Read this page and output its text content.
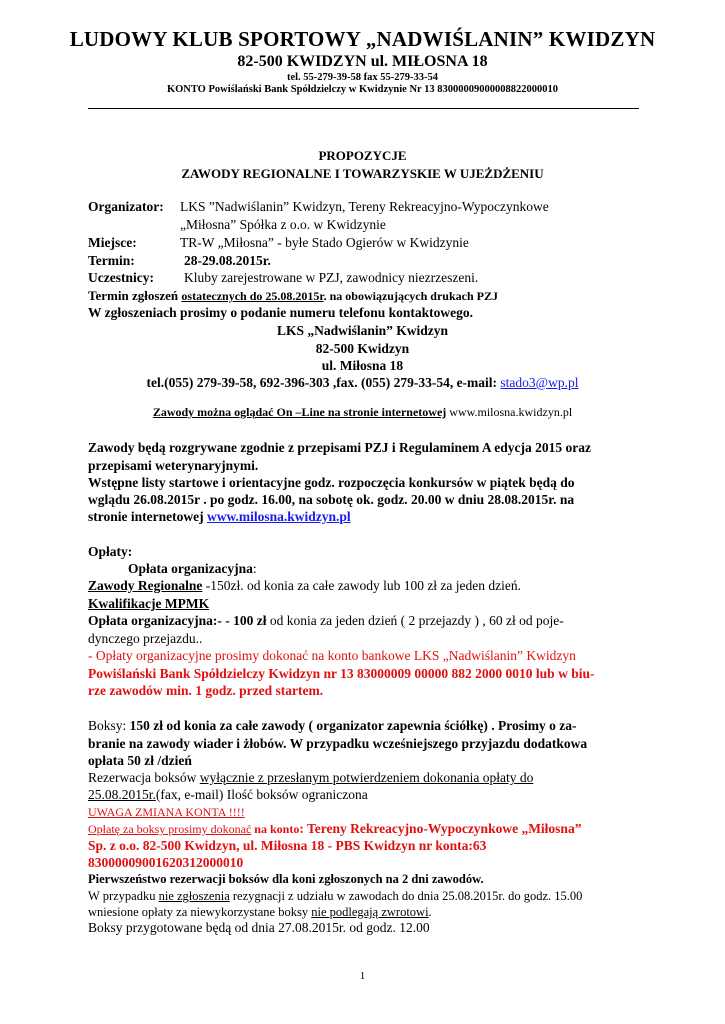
LUDOWY KLUB SPORTOWY „NADWIŚLANIN” KWIDZYN
82-500 KWIDZYN ul. MIŁOSNA 18
tel. 55-279-39-58 fax 55-279-33-54
KONTO Powiślański Bank Spółdzielczy w Kwidzynie Nr 13 83000009000008822000010
PROPOZYCJE
ZAWODY REGIONALNE I TOWARZYSKIE W UJEŻDŻENIU
Organizator: LKS ”Nadwiślanin” Kwidzyn, Tereny Rekreacyjno-Wypoczynkowe
„Miłosna” Spółka z o.o. w Kwidzynie
Miejsce:	TR-W „Miłosna” - byłe Stado Ogierów w Kwidzynie
Termin:	28-29.08.2015r.
Uczestnicy: Kluby zarejestrowane w PZJ, zawodnicy niezrzeszeni.
Termin zgłoszeń ostatecznych do 25.08.2015r. na obowiązujących drukach PZJ
W zgłoszeniach prosimy o podanie numeru telefonu kontaktowego.
LKS „Nadwiślanin” Kwidzyn
82-500 Kwidzyn
ul. Miłosna 18
tel.(055) 279-39-58, 692-396-303 ,fax. (055) 279-33-54, e-mail: stado3@wp.pl
Zawody można oglądać On –Line na stronie internetowej www.milosna.kwidzyn.pl
Zawody będą rozgrywane zgodnie z przepisami PZJ i Regulaminem A edycja 2015 oraz
przepisami weterynaryjnymi.
Wstępne listy startowe i orientacyjne godz. rozpoczęcia konkursów w piątek będą do
wglądu 26.08.2015r . po godz. 16.00, na sobotę ok. godz. 20.00 w dniu 28.08.2015r. na
stronie internetowej www.milosna.kwidzyn.pl
Opłaty:
Opłata organizacyjna:
Zawody Regionalne -150zł. od konia za całe zawody lub 100 zł za jeden dzień.
Kwalifikacje MPMK
Opłata organizacyjna:- - 100 zł od konia za jeden dzień ( 2 przejazdy ) , 60 zł od poje-
dynczego przejazdu..
- Opłaty organizacyjne prosimy dokonać na konto bankowe LKS „Nadwiślanin” Kwidzyn
Powiślański Bank Spółdzielczy Kwidzyn nr 13 83000009 00000 882 2000 0010 lub w biu-
rze zawodów min. 1 godz. przed startem.
Boksy: 150 zł od konia za całe zawody ( organizator zapewnia ściółkę) . Prosimy o za-
branie na zawody wiader i żłobów. W przypadku wcześniejszego przyjazdu dodatkowa
opłata 50 zł /dzień
Rezerwacja boksów wyłącznie z przesłanym potwierdzeniem dokonania opłaty do
25.08.2015r.(fax, e-mail) Ilość boksów ograniczona
UWAGA ZMIANA KONTA !!!!
Opłatę za boksy prosimy dokonać na konto: Tereny Rekreacyjno-Wypoczynkowe „Miłosna”
Sp. z o.o. 82-500 Kwidzyn, ul. Miłosna 18 - PBS Kwidzyn nr konta:63
83000009001620312000010
Pierwszeństwo rezerwacji boksów dla koni zgłoszonych na 2 dni zawodów.
W przypadku nie zgłoszenia rezygnacji z udziału w zawodach do dnia 25.08.2015r. do godz. 15.00
wniesione opłaty za niewykorzystane boksy nie podlegają zwrotowi.
Boksy przygotowane będą od dnia 27.08.2015r. od godz. 12.00
1
